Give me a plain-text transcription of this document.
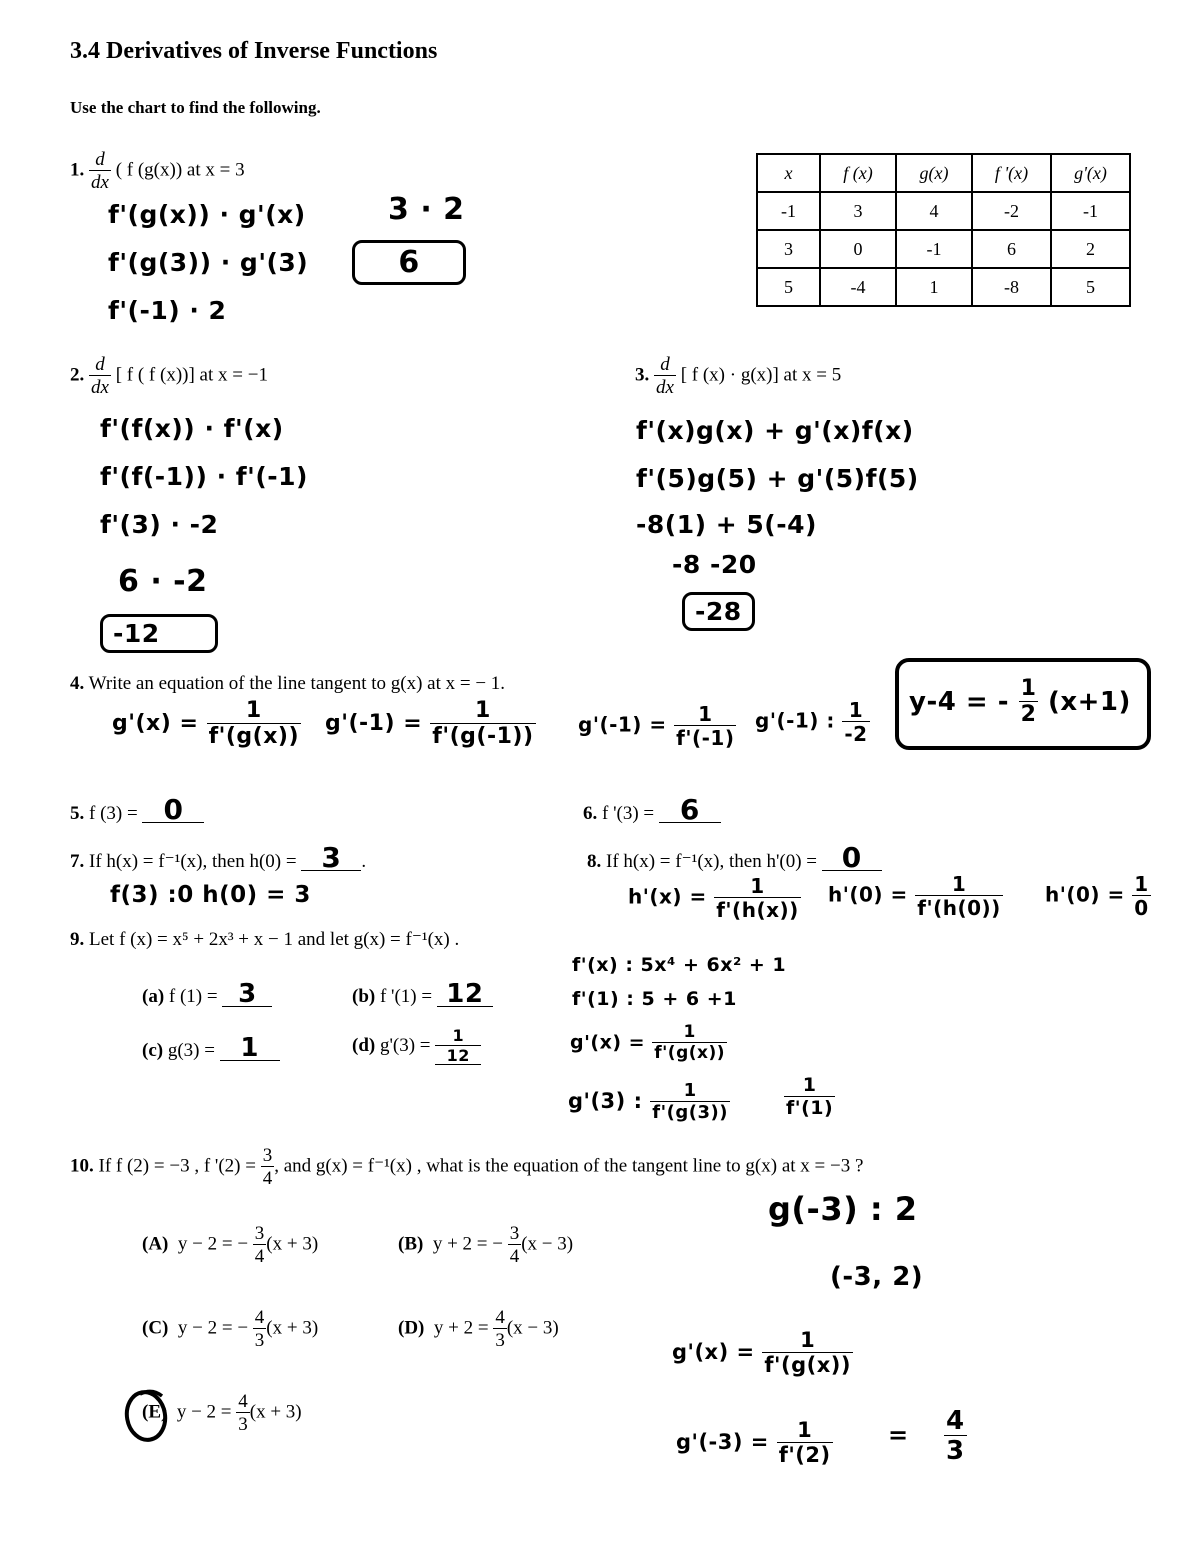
3.4 Derivatives of Inverse Functions
Use the chart to find the following.
x	f (x)	g(x)	f '(x)	g'(x)
-1	3	4	-2	-1
3	0	-1	6	2
5	-4	1	-8	5
1. $\frac{d}{dx}$ ( f (g(x)) at x = 3
f'(g(x)) · g'(x)
f'(g(3)) · g'(3)
f'(-1) · 2
3 · 2
6
2. $\frac{d}{dx}$ [ f ( f (x))] at x = −1
f'(f(x)) · f'(x)
f'(f(-1)) · f'(-1)
f'(3) · -2
6 · -2
-12
3. $\frac{d}{dx}$ [ f (x) · g(x)] at x = 5
f'(x)g(x) + g'(x)f(x)
f'(5)g(5) + g'(5)f(5)
-8(1) + 5(-4)
-8 -20
-28
4. Write an equation of the line tangent to g(x) at x = − 1.
$g'(x) = \frac{1}{f'(g(x))} g'(-1) = \frac{1}{f'(g(-1))} g'(-1) = \frac{1}{f'(-1)} g'(-1)$ : $\frac{1}{-2}$	y-4 = - $\frac{1}{2} (x+1)$
5. f (3) = 0	6. f '(3) = 6
7. If h(x) = f⁻¹(x), then h(0) = 3 .
f(3) :0 h(0) = 3
8. If h(x) = f⁻¹(x), then h'(0) = 0
$h'(x) = \frac{1}{f'(h(x))} h'(0) = \frac{1}{f'(h(0))} h'(0) = \frac{1}{0}$
9. Let f (x) = x⁵ + 2x³ + x − 1 and let g(x) = f⁻¹(x) .
(a) f (1) = 3	(b) f '(1) = 12
(c) g(3) = 1	(d) $g'(3) = \frac{1}{12}$
f'(x) : 5x⁴ + 6x² + 1
f'(1) : 5 + 6 +1
$g'(x) = \frac{1}{f'(g(x))}$
g'(3) : $\frac{1}{f'(g(3))}$	$\frac{1}{f'(1)}$
10. If f (2) = −3 , f '$(2) = \frac{3}{4}$ , and g(x) = f⁻¹(x) , what is the equation of the tangent line to g(x) at x = −3 ?
(A) y − 2 = − $\frac{3}{4} (x + 3)$	(B) y + 2 = − $\frac{3}{4} (x - 3)$
(C) y − 2 = − $\frac{4}{3} (x + 3)$	(D) $y + 2 = \frac{4}{3} (x - 3)$
(E) $y - 2 = \frac{4}{3} (x + 3)$
g(-3) : 2
(-3, 2)
$g'(x) = \frac{1}{f'(g(x))}$
$g'(-3) = \frac{1}{f'(2)} = \frac{4}{3}$
